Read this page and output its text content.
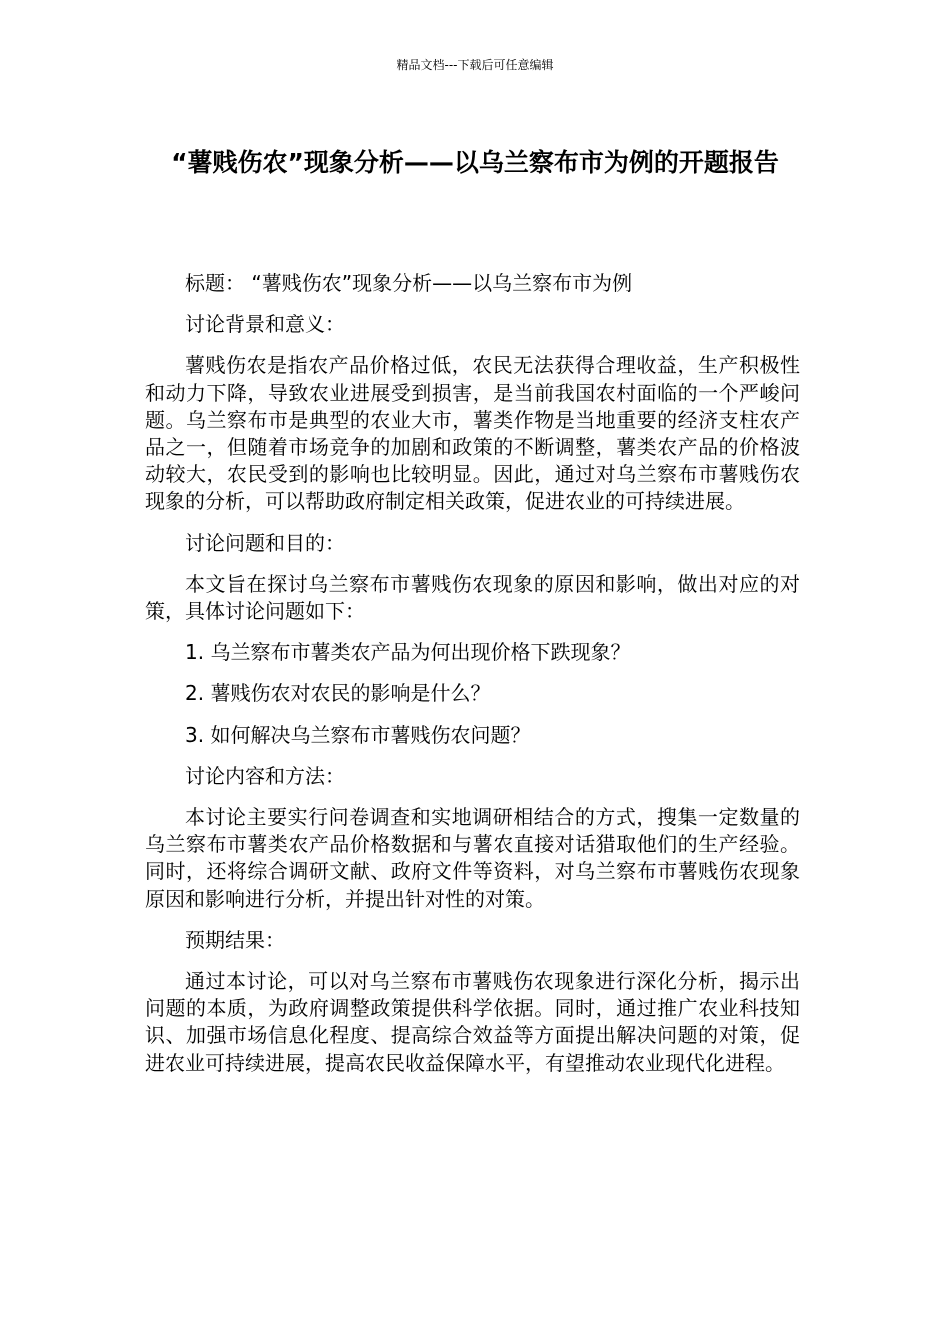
精品文档---下载后可任意编辑
“薯贱伤农”现象分析——以乌兰察布市为例的开题报告

标题： “薯贱伤农”现象分析——以乌兰察布市为例

讨论背景和意义：

薯贱伤农是指农产品价格过低，农民无法获得合理收益，生产积极性和动力下降，导致农业进展受到损害，是当前我国农村面临的一个严峻问题。乌兰察布市是典型的农业大市，薯类作物是当地重要的经济支柱农产品之一，但随着市场竞争的加剧和政策的不断调整，薯类农产品的价格波动较大，农民受到的影响也比较明显。因此，通过对乌兰察布市薯贱伤农现象的分析，可以帮助政府制定相关政策，促进农业的可持续进展。

讨论问题和目的：

本文旨在探讨乌兰察布市薯贱伤农现象的原因和影响，做出对应的对策，具体讨论问题如下：

1. 乌兰察布市薯类农产品为何出现价格下跌现象？

2. 薯贱伤农对农民的影响是什么？

3. 如何解决乌兰察布市薯贱伤农问题？

讨论内容和方法：

本讨论主要实行问卷调查和实地调研相结合的方式，搜集一定数量的乌兰察布市薯类农产品价格数据和与薯农直接对话猎取他们的生产经验。同时，还将综合调研文献、政府文件等资料，对乌兰察布市薯贱伤农现象原因和影响进行分析，并提出针对性的对策。

预期结果：

通过本讨论，可以对乌兰察布市薯贱伤农现象进行深化分析，揭示出问题的本质，为政府调整政策提供科学依据。同时，通过推广农业科技知识、加强市场信息化程度、提高综合效益等方面提出解决问题的对策，促进农业可持续进展，提高农民收益保障水平，有望推动农业现代化进程。
